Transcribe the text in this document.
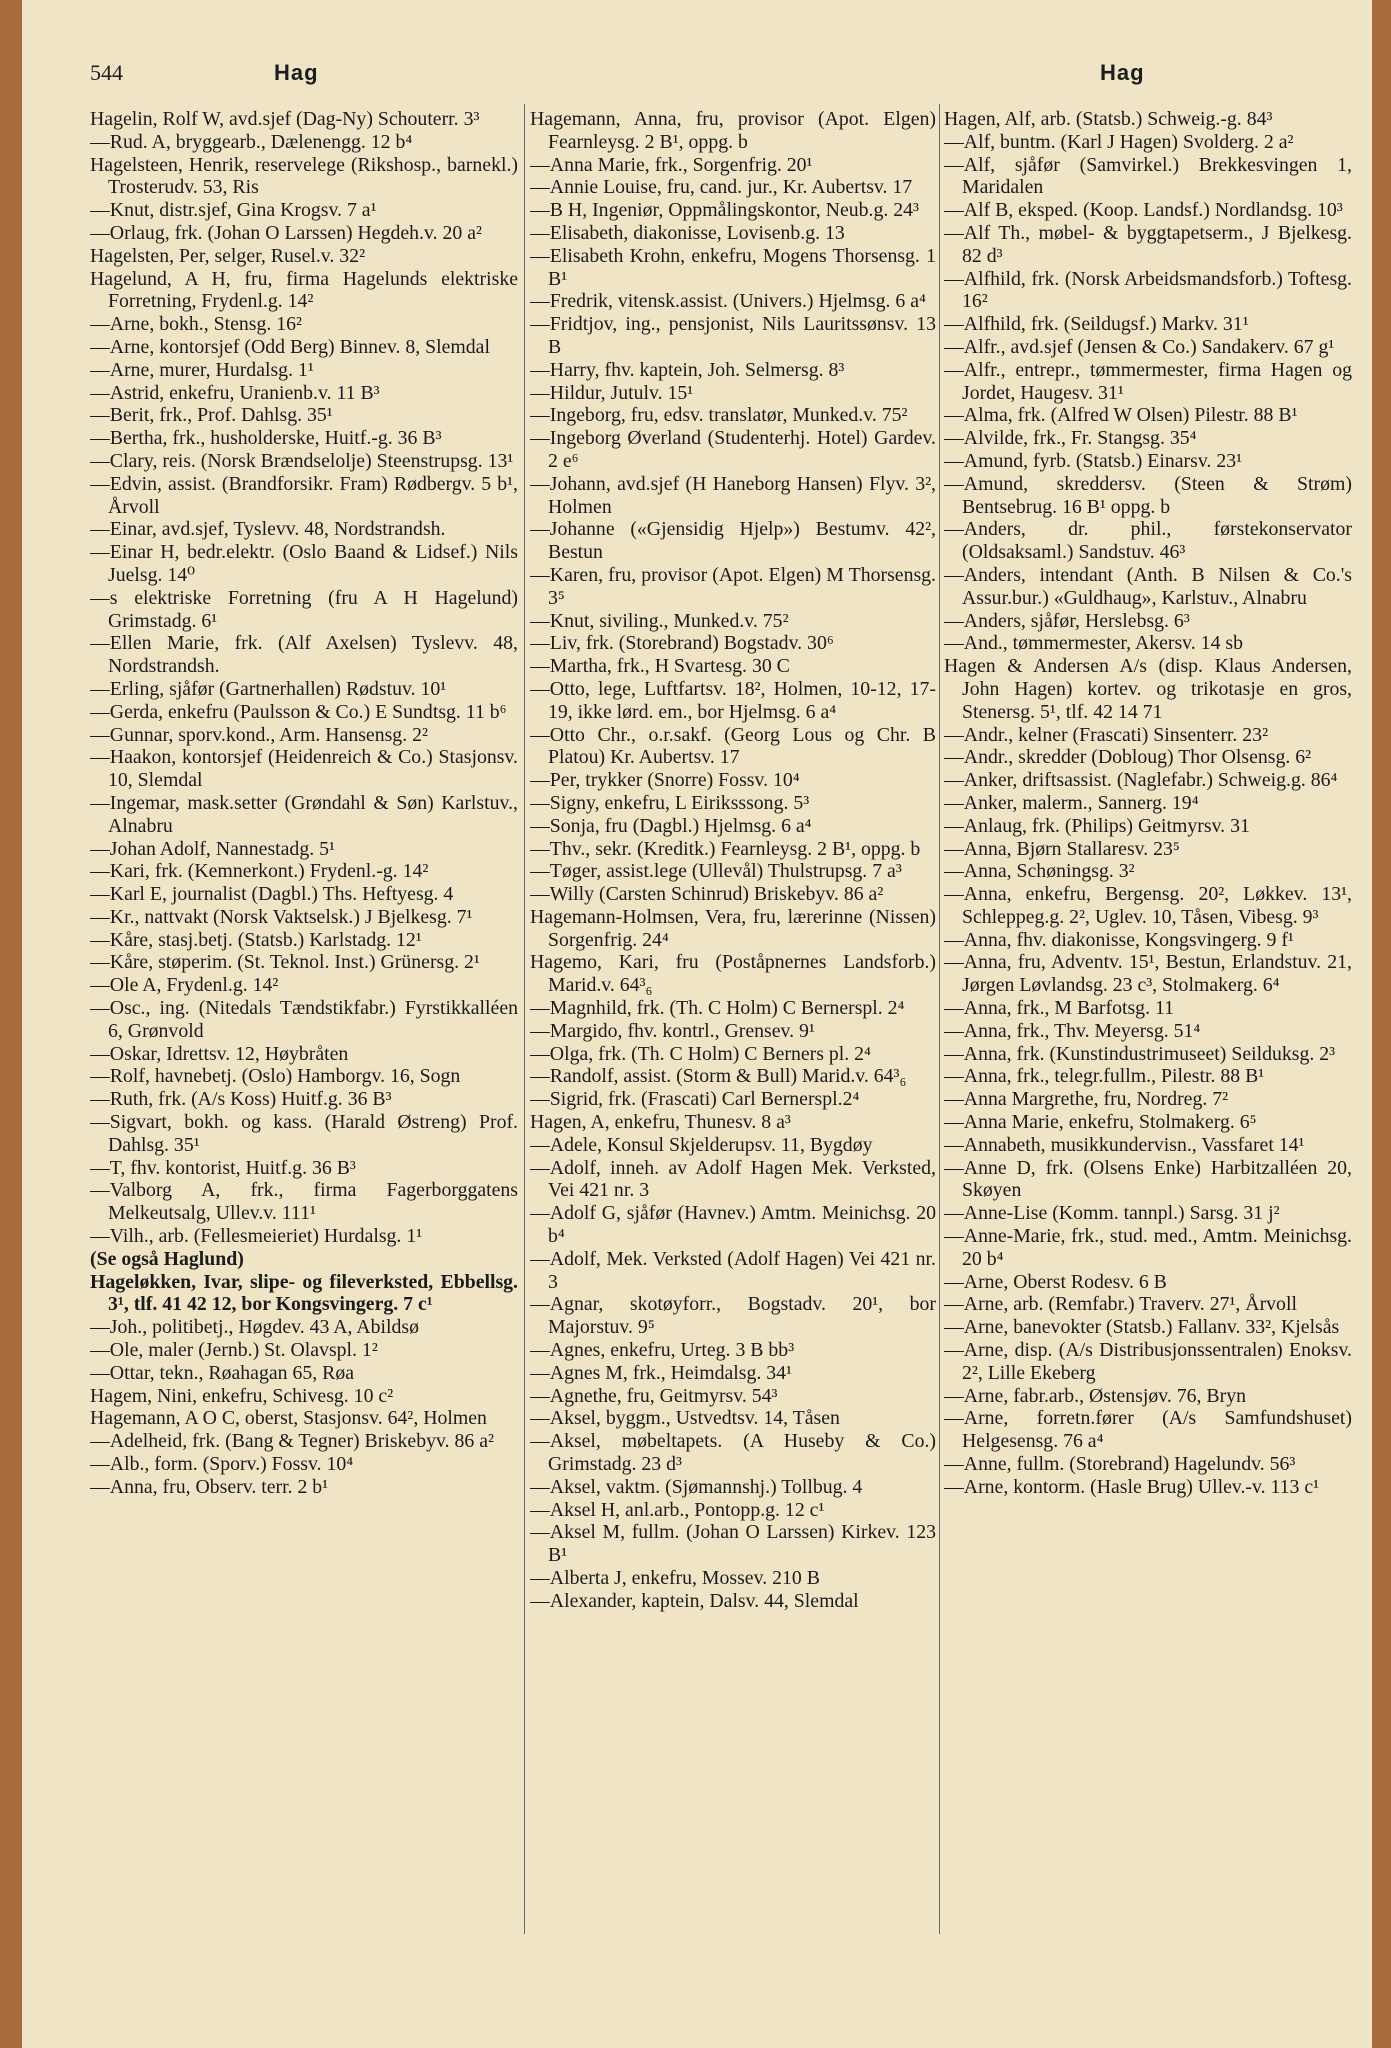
544	Hag	Hag

Hagelin, Rolf W, avd.sjef (Dag-Ny) Schouterr. 3³

—Rud. A, bryggearb., Dælenengg. 12 b⁴

Hagelsteen, Henrik, reservelege (Rikshosp., barnekl.) Trosterudv. 53, Ris

—Knut, distr.sjef, Gina Krogsv. 7 a¹

—Orlaug, frk. (Johan O Larssen) Hegdeh.v. 20 a²

Hagelsten, Per, selger, Rusel.v. 32²

Hagelund, A H, fru, firma Hagelunds elektriske Forretning, Frydenl.g. 14²

—Arne, bokh., Stensg. 16²

—Arne, kontorsjef (Odd Berg) Binnev. 8, Slemdal

—Arne, murer, Hurdalsg. 1¹

—Astrid, enkefru, Uranienb.v. 11 B³

—Berit, frk., Prof. Dahlsg. 35¹

—Bertha, frk., husholderske, Huitf.-g. 36 B³

—Clary, reis. (Norsk Brændselolje) Steenstrupsg. 13¹

—Edvin, assist. (Brandforsikr. Fram) Rødbergv. 5 b¹, Årvoll

—Einar, avd.sjef, Tyslevv. 48, Nordstrandsh.

—Einar H, bedr.elektr. (Oslo Baand & Lidsef.) Nils Juelsg. 14⁰

—s elektriske Forretning (fru A H Hagelund) Grimstadg. 6¹

—Ellen Marie, frk. (Alf Axelsen) Tyslevv. 48, Nordstrandsh.

—Erling, sjåfør (Gartnerhallen) Rødstuv. 10¹

—Gerda, enkefru (Paulsson & Co.) E Sundtsg. 11 b⁶

—Gunnar, sporv.kond., Arm. Hansensg. 2²

—Haakon, kontorsjef (Heidenreich & Co.) Stasjonsv. 10, Slemdal

—Ingemar, mask.setter (Grøndahl & Søn) Karlstuv., Alnabru

—Johan Adolf, Nannestadg. 5¹

—Kari, frk. (Kemnerkont.) Frydenl.-g. 14²

—Karl E, journalist (Dagbl.) Ths. Heftyesg. 4

—Kr., nattvakt (Norsk Vaktselsk.) J Bjelkesg. 7¹

—Kåre, stasj.betj. (Statsb.) Karlstadg. 12¹

—Kåre, støperim. (St. Teknol. Inst.) Grünersg. 2¹

—Ole A, Frydenl.g. 14²

—Osc., ing. (Nitedals Tændstikfabr.) Fyrstikkalléen 6, Grønvold

—Oskar, Idrettsv. 12, Høybråten

—Rolf, havnebetj. (Oslo) Hamborgv. 16, Sogn

—Ruth, frk. (A/s Koss) Huitf.g. 36 B³

—Sigvart, bokh. og kass. (Harald Østreng) Prof. Dahlsg. 35¹

—T, fhv. kontorist, Huitf.g. 36 B³

—Valborg A, frk., firma Fagerborggatens Melkeutsalg, Ullev.v. 111¹

—Vilh., arb. (Fellesmeieriet) Hurdalsg. 1¹

(Se også Haglund)

Hageløkken, Ivar, slipe- og fileverksted, Ebbellsg. 3¹, tlf. 41 42 12, bor Kongsvingerg. 7 c¹

—Joh., politibetj., Høgdev. 43 A, Abildsø

—Ole, maler (Jernb.) St. Olavspl. 1²

—Ottar, tekn., Røahagan 65, Røa

Hagem, Nini, enkefru, Schivesg. 10 c²

Hagemann, A O C, oberst, Stasjonsv. 64², Holmen

—Adelheid, frk. (Bang & Tegner) Briskebyv. 86 a²

—Alb., form. (Sporv.) Fossv. 10⁴

—Anna, fru, Observ. terr. 2 b¹

Hagemann, Anna, fru, provisor (Apot. Elgen) Fearnleysg. 2 B¹, oppg. b

—Anna Marie, frk., Sorgenfrig. 20¹

—Annie Louise, fru, cand. jur., Kr. Aubertsv. 17

—B H, Ingeniør, Oppmålingskontor, Neub.g. 24³

—Elisabeth, diakonisse, Lovisenb.g. 13

—Elisabeth Krohn, enkefru, Mogens Thorsensg. 1 B¹

—Fredrik, vitensk.assist. (Univers.) Hjelmsg. 6 a⁴

—Fridtjov, ing., pensjonist, Nils Lauritssønsv. 13 B

—Harry, fhv. kaptein, Joh. Selmersg. 8³

—Hildur, Jutulv. 15¹

—Ingeborg, fru, edsv. translatør, Munked.v. 75²

—Ingeborg Øverland (Studenterhj. Hotel) Gardev. 2 e⁶

—Johann, avd.sjef (H Haneborg Hansen) Flyv. 3², Holmen

—Johanne («Gjensidig Hjelp») Bestumv. 42², Bestun

—Karen, fru, provisor (Apot. Elgen) M Thorsensg. 3⁵

—Knut, siviling., Munked.v. 75²

—Liv, frk. (Storebrand) Bogstadv. 30⁶

—Martha, frk., H Svartesg. 30 C

—Otto, lege, Luftfartsv. 18², Holmen, 10-12, 17-19, ikke lørd. em., bor Hjelmsg. 6 a⁴

—Otto Chr., o.r.sakf. (Georg Lous og Chr. B Platou) Kr. Aubertsv. 17

—Per, trykker (Snorre) Fossv. 10⁴

—Signy, enkefru, L Eiriksssong. 5³

—Sonja, fru (Dagbl.) Hjelmsg. 6 a⁴

—Thv., sekr. (Kreditk.) Fearnleysg. 2 B¹, oppg. b

—Tøger, assist.lege (Ullevål) Thulstrupsg. 7 a³

—Willy (Carsten Schinrud) Briskebyv. 86 a²

Hagemann-Holmsen, Vera, fru, lærerinne (Nissen) Sorgenfrig. 24⁴

Hagemo, Kari, fru (Poståpnernes Landsforb.) Marid.v. 64³₆

—Magnhild, frk. (Th. C Holm) C Bernerspl. 2⁴

—Margido, fhv. kontrl., Grensev. 9¹

—Olga, frk. (Th. C Holm) C Berners pl. 2⁴

—Randolf, assist. (Storm & Bull) Marid.v. 64³₆

—Sigrid, frk. (Frascati) Carl Bernerspl.2⁴

Hagen, A, enkefru, Thunesv. 8 a³

—Adele, Konsul Skjelderupsv. 11, Bygdøy

—Adolf, inneh. av Adolf Hagen Mek. Verksted, Vei 421 nr. 3

—Adolf G, sjåfør (Havnev.) Amtm. Meinichsg. 20 b⁴

—Adolf, Mek. Verksted (Adolf Hagen) Vei 421 nr. 3

—Agnar, skotøyforr., Bogstadv. 20¹, bor Majorstuv. 9⁵

—Agnes, enkefru, Urteg. 3 B bb³

—Agnes M, frk., Heimdalsg. 34¹

—Agnethe, fru, Geitmyrsv. 54³

—Aksel, byggm., Ustvedtsv. 14, Tåsen

—Aksel, møbeltapets. (A Huseby & Co.) Grimstadg. 23 d³

—Aksel, vaktm. (Sjømannshj.) Tollbug. 4

—Aksel H, anl.arb., Pontopp.g. 12 c¹

—Aksel M, fullm. (Johan O Larssen) Kirkev. 123 B¹

—Alberta J, enkefru, Mossev. 210 B

—Alexander, kaptein, Dalsv. 44, Slemdal

Hagen, Alf, arb. (Statsb.) Schweig.-g. 84³

—Alf, buntm. (Karl J Hagen) Svolderg. 2 a²

—Alf, sjåfør (Samvirkel.) Brekkesvingen 1, Maridalen

—Alf B, eksped. (Koop. Landsf.) Nordlandsg. 10³

—Alf Th., møbel- & byggtapetserm., J Bjelkesg. 82 d³

—Alfhild, frk. (Norsk Arbeidsmandsforb.) Toftesg. 16²

—Alfhild, frk. (Seildugsf.) Markv. 31¹

—Alfr., avd.sjef (Jensen & Co.) Sandakerv. 67 g¹

—Alfr., entrepr., tømmermester, firma Hagen og Jordet, Haugesv. 31¹

—Alma, frk. (Alfred W Olsen) Pilestr. 88 B¹

—Alvilde, frk., Fr. Stangsg. 35⁴

—Amund, fyrb. (Statsb.) Einarsv. 23¹

—Amund, skreddersv. (Steen & Strøm) Bentsebrug. 16 B¹ oppg. b

—Anders, dr. phil., førstekonservator (Oldsaksaml.) Sandstuv. 46³

—Anders, intendant (Anth. B Nilsen & Co.'s Assur.bur.) «Guldhaug», Karlstuv., Alnabru

—Anders, sjåfør, Herslebsg. 6³

—And., tømmermester, Akersv. 14 sb

Hagen & Andersen A/s (disp. Klaus Andersen, John Hagen) kortev. og trikotasje en gros, Stenersg. 5¹, tlf. 42 14 71

—Andr., kelner (Frascati) Sinsenterr. 23²

—Andr., skredder (Dobloug) Thor Olsensg. 6²

—Anker, driftsassist. (Naglefabr.) Schweig.g. 86⁴

—Anker, malerm., Sannerg. 19⁴

—Anlaug, frk. (Philips) Geitmyrsv. 31

—Anna, Bjørn Stallaresv. 23⁵

—Anna, Schøningsg. 3²

—Anna, enkefru, Bergensg. 20², Løkkev. 13¹, Schleppeg.g. 2², Uglev. 10, Tåsen, Vibesg. 9³

—Anna, fhv. diakonisse, Kongsvingerg. 9 f¹

—Anna, fru, Adventv. 15¹, Bestun, Erlandstuv. 21, Jørgen Løvlandsg. 23 c³, Stolmakerg. 6⁴

—Anna, frk., M Barfotsg. 11

—Anna, frk., Thv. Meyersg. 51⁴

—Anna, frk. (Kunstindustrimuseet) Seilduksg. 2³

—Anna, frk., telegr.fullm., Pilestr. 88 B¹

—Anna Margrethe, fru, Nordreg. 7²

—Anna Marie, enkefru, Stolmakerg. 6⁵

—Annabeth, musikkundervisn., Vassfaret 14¹

—Anne D, frk. (Olsens Enke) Harbitzalléen 20, Skøyen

—Anne-Lise (Komm. tannpl.) Sarsg. 31 j²

—Anne-Marie, frk., stud. med., Amtm. Meinichsg. 20 b⁴

—Arne, Oberst Rodesv. 6 B

—Arne, arb. (Remfabr.) Traverv. 27¹, Årvoll

—Arne, banevokter (Statsb.) Fallanv. 33², Kjelsås

—Arne, disp. (A/s Distribusjonssentralen) Enoksv. 2², Lille Ekeberg

—Arne, fabr.arb., Østensjøv. 76, Bryn

—Arne, forretn.fører (A/s Samfundshuset) Helgesensg. 76 a⁴

—Anne, fullm. (Storebrand) Hagelundv. 56³

—Arne, kontorm. (Hasle Brug) Ullev.-v. 113 c¹
